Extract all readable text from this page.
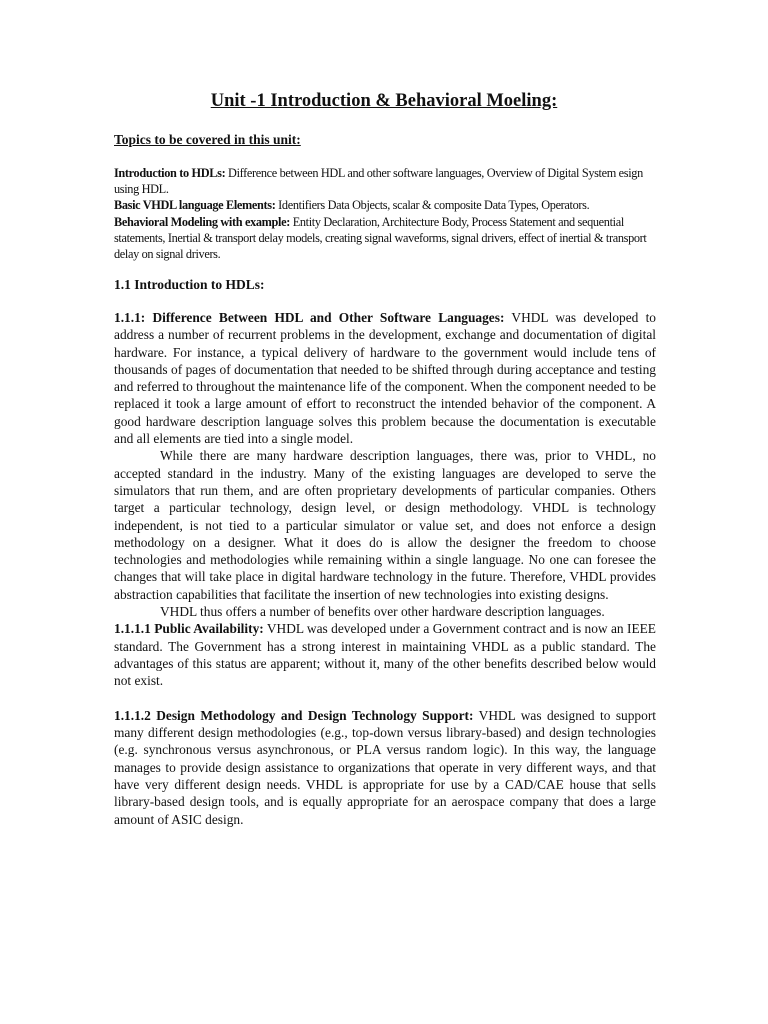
Unit -1 Introduction & Behavioral Moeling:
Topics to be covered in this unit:

Introduction to HDLs: Difference between HDL and other software languages, Overview of Digital System esign using HDL.

Basic VHDL language Elements: Identifiers Data Objects, scalar & composite Data Types, Operators.

Behavioral Modeling with example: Entity Declaration, Architecture Body, Process Statement and sequential statements, Inertial & transport delay models, creating signal waveforms, signal drivers, effect of inertial & transport delay on signal drivers.

1.1 Introduction to HDLs:

1.1.1: Difference Between HDL and Other Software Languages: VHDL was developed to address a number of recurrent problems in the development, exchange and documentation of digital hardware. For instance, a typical delivery of hardware to the government would include tens of thousands of pages of documentation that needed to be shifted through during acceptance and testing and referred to throughout the maintenance life of the component. When the component needed to be replaced it took a large amount of effort to reconstruct the intended behavior of the component. A good hardware description language solves this problem because the documentation is executable and all elements are tied into a single model.

While there are many hardware description languages, there was, prior to VHDL, no accepted standard in the industry. Many of the existing languages are developed to serve the simulators that run them, and are often proprietary developments of particular companies. Others target a particular technology, design level, or design methodology. VHDL is technology independent, is not tied to a particular simulator or value set, and does not enforce a design methodology on a designer. What it does do is allow the designer the freedom to choose technologies and methodologies while remaining within a single language. No one can foresee the changes that will take place in digital hardware technology in the future. Therefore, VHDL provides abstraction capabilities that facilitate the insertion of new technologies into existing designs.

VHDL thus offers a number of benefits over other hardware description languages.

1.1.1.1 Public Availability: VHDL was developed under a Government contract and is now an IEEE standard. The Government has a strong interest in maintaining VHDL as a public standard. The advantages of this status are apparent; without it, many of the other benefits described below would not exist.

1.1.1.2 Design Methodology and Design Technology Support: VHDL was designed to support many different design methodologies (e.g., top-down versus library-based) and design technologies (e.g. synchronous versus asynchronous, or PLA versus random logic). In this way, the language manages to provide design assistance to organizations that operate in very different ways, and that have very different design needs. VHDL is appropriate for use by a CAD/CAE house that sells library-based design tools, and is equally appropriate for an aerospace company that does a large amount of ASIC design.
